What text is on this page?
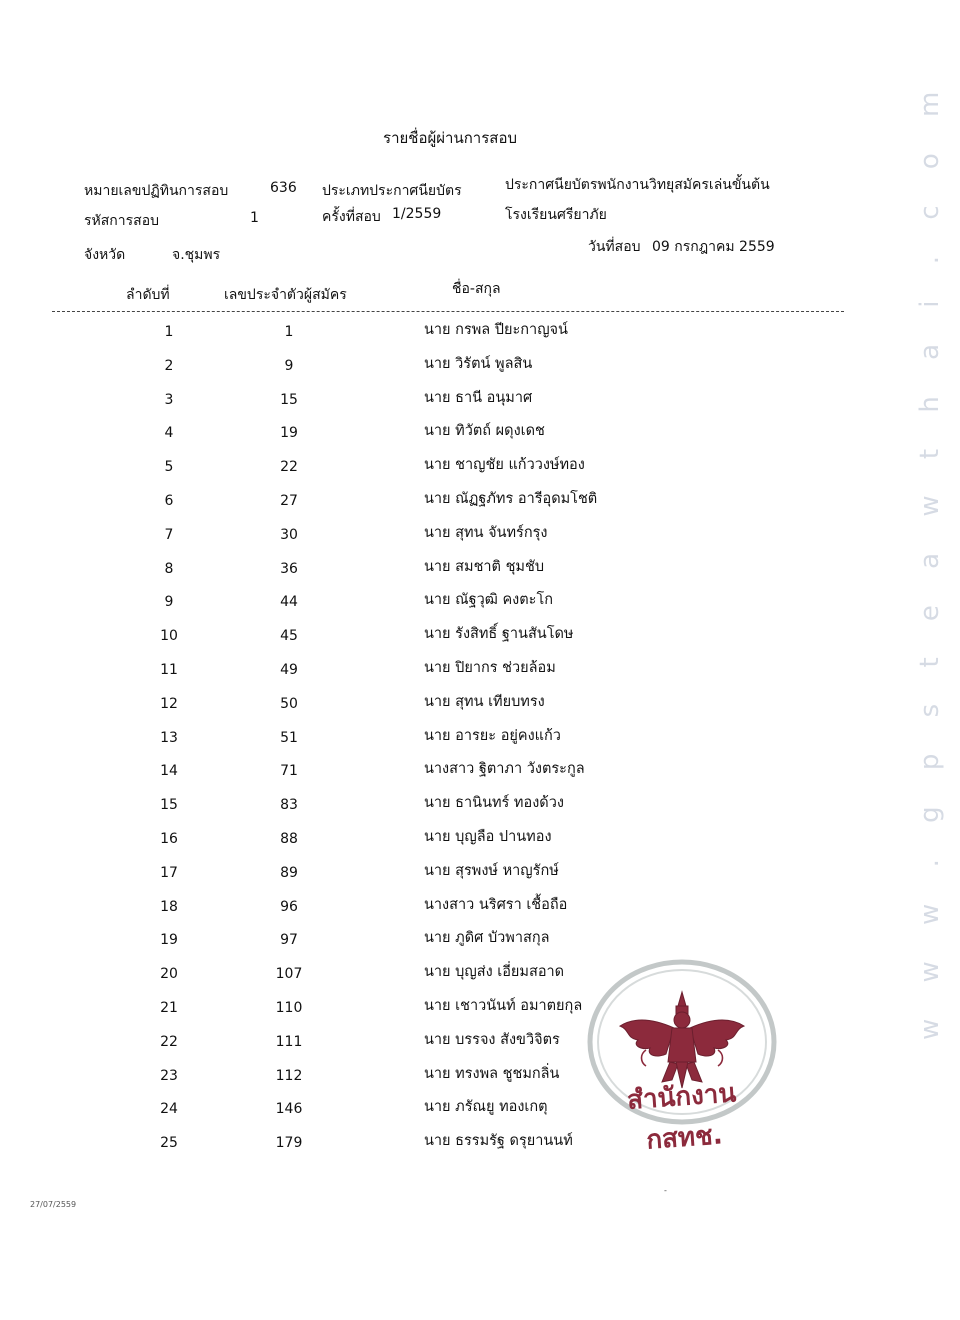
w w w . g p s t e a w t h a i . c o m
รายชื่อผู้ผ่านการสอบ
หมายเลขปฏิทินการสอบ	636 ประเภทประกาศนียบัตร	ประกาศนียบัตรพนักงานวิทยุสมัครเล่นขั้นต้น
รหัสการสอบ	1	ครั้งที่สอบ 1/2559	โรงเรียนศรียาภัย
จังหวัด	จ.ชุมพร	วันที่สอบ 09 กรกฎาคม 2559
ลำดับที่	เลขประจำตัวผู้สมัคร	ชื่อ-สกุล
1	1	นาย กรพล ปียะกาญจน์
2	9	นาย วิรัตน์ พูลสิน
3	15	นาย ธานี อนุมาศ
4	19	นาย ทิวัตถ์ ผดุงเดช
5	22	นาย ชาญชัย แก้ววงษ์ทอง
6	27	นาย ณัฏฐภัทร อารีอุดมโชติ
7	30	นาย สุทน จันทร์กรุง
8	36	นาย สมชาติ ชุมชับ
9	44	นาย ณัฐวุฒิ คงตะโก
10	45	นาย รังสิทธิ์ ฐานสันโดษ
11	49	นาย ปิยากร ช่วยล้อม
12	50	นาย สุทน เทียบทรง
13	51	นาย อารยะ อยู่คงแก้ว
14	71	นางสาว ฐิตาภา วังตระกูล
15	83	นาย ธานินทร์ ทองด้วง
16	88	นาย บุญลือ ปานทอง
17	89	นาย สุรพงษ์ หาญรักษ์
18	96	นางสาว นริศรา เชื้อถือ
19	97	นาย ภูดิศ บัวพาสกุล
20	107	นาย บุญส่ง เอี่ยมสอาด
21	110	นาย เชาวนันท์ อมาตยกุล
22	111	นาย บรรจง สังขวิจิตร
23	112	นาย ทรงพล ชูชมกลิ่น
24	146	นาย ภรัณยู ทองเกตุ
25	179	นาย ธรรมรัฐ ดรุยานนท์
สำนักงาน กสทช.
27/07/2559
-
